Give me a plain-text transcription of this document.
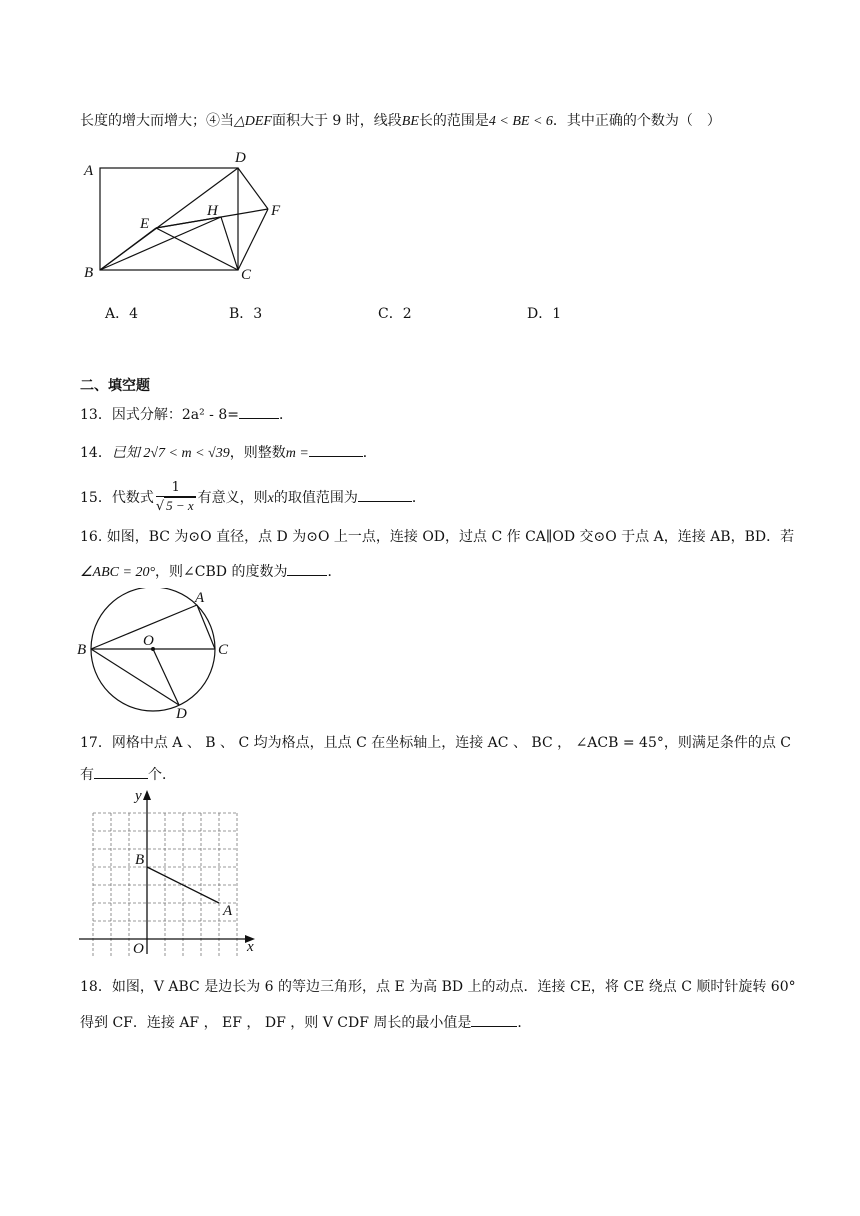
长度的增大而增大；④当△DEF面积大于 9 时，线段BE长的范围是4 < BE < 6．其中正确的个数为（　）
A
D
E
H	F
B	C
A．4	B．3	C．2	D．1
二、填空题
13．因式分解：2a² - 8=	．
14．已知 2√7 < m < √39，则整数m =	．
15．代数式 $\frac{1}{√ 5 - x}$ 有意义，则x的取值范围为	．
16. 如图，BC 为⊙O 直径，点 D 为⊙O 上一点，连接 OD，过点 C 作 CA∥OD 交⊙O 于点 A，连接 AB，BD．若
∠ABC = 20°，则∠CBD 的度数为	．
A
O
B	C
D
17．网格中点 A 、 B 、 C 均为格点，且点 C 在坐标轴上，连接 AC 、 BC ， ∠ACB = 45°，则满足条件的点 C
有	个．
y
x
O
B
A
18．如图，V ABC 是边长为 6 的等边三角形，点 E 为高 BD 上的动点．连接 CE，将 CE 绕点 C 顺时针旋转 60°
得到 CF．连接 AF ， EF ， DF ，则 V CDF 周长的最小值是	．
